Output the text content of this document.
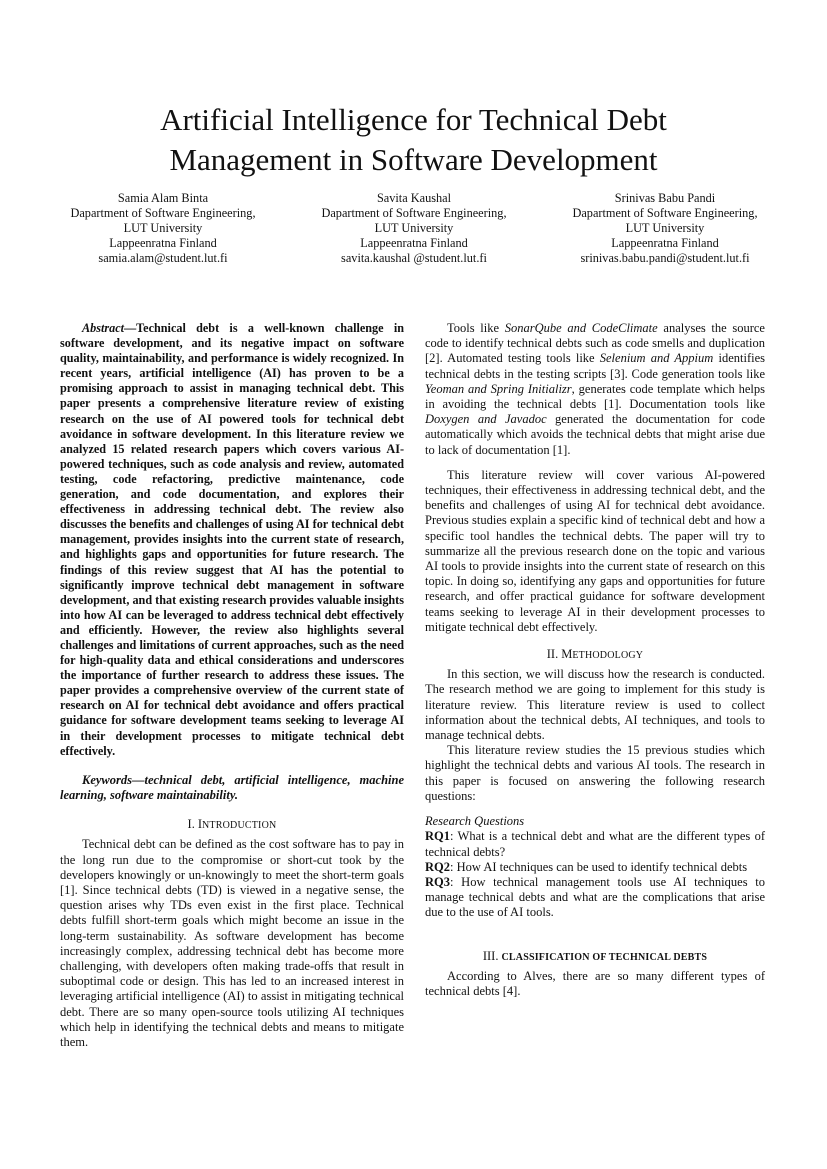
Artificial Intelligence for Technical Debt
Management in Software Development
Samia Alam Binta
Dapartment of Software Engineering,
LUT University
Lappeenratna Finland
samia.alam@student.lut.fi
Savita Kaushal
Dapartment of Software Engineering,
LUT University
Lappeenratna Finland
savita.kaushal @student.lut.fi
Srinivas Babu Pandi
Dapartment of Software Engineering,
LUT University
Lappeenratna Finland
srinivas.babu.pandi@student.lut.fi

Abstract—Technical debt is a well-known challenge in software development, and its negative impact on software quality, maintainability, and performance is widely recognized. In recent years, artificial intelligence (AI) has proven to be a promising approach to assist in managing technical debt. This paper presents a comprehensive literature review of existing research on the use of AI powered tools for technical debt avoidance in software development. In this literature review we analyzed 15 related research papers which covers various AI-powered techniques, such as code analysis and review, automated testing, code refactoring, predictive maintenance, code generation, and code documentation, and explores their effectiveness in addressing technical debt. The review also discusses the benefits and challenges of using AI for technical debt management, provides insights into the current state of research, and highlights gaps and opportunities for future research. The findings of this review suggest that AI has the potential to significantly improve technical debt management in software development, and that existing research provides valuable insights into how AI can be leveraged to address technical debt effectively and efficiently. However, the review also highlights several challenges and limitations of current approaches, such as the need for high-quality data and ethical considerations and underscores the importance of further research to address these issues. The paper provides a comprehensive overview of the current state of research on AI for technical debt avoidance and offers practical guidance for software development teams seeking to leverage AI in their development processes to mitigate technical debt effectively.

Keywords—technical debt, artificial intelligence, machine learning, software maintainability.

I. INTRODUCTION

Technical debt can be defined as the cost software has to pay in the long run due to the compromise or short-cut took by the developers knowingly or un-knowingly to meet the short-term goals [1]. Since technical debts (TD) is viewed in a negative sense, the question arises why TDs even exist in the first place. Technical debts fulfill short-term goals which might become an issue in the long-term sustainability. As software development has become increasingly complex, addressing technical debt has become more challenging, with developers often making trade-offs that result in suboptimal code or design. This has led to an increased interest in leveraging artificial intelligence (AI) to assist in mitigating technical debt. There are so many open-source tools utilizing AI techniques which help in identifying the technical debts and means to mitigate them.

Tools like SonarQube and CodeClimate analyses the source code to identify technical debts such as code smells and duplication [2]. Automated testing tools like Selenium and Appium identifies technical debts in the testing scripts [3]. Code generation tools like Yeoman and Spring Initializr, generates code template which helps in avoiding the technical debts [1]. Documentation tools like Doxygen and Javadoc generated the documentation for code automatically which avoids the technical debts that might arise due to lack of documentation [1].

This literature review will cover various AI-powered techniques, their effectiveness in addressing technical debt, and the benefits and challenges of using AI for technical debt avoidance. Previous studies explain a specific kind of technical debt and how a specific tool handles the technical debts. The paper will try to summarize all the previous research done on the topic and various AI tools to provide insights into the current state of research on this topic. In doing so, identifying any gaps and opportunities for future research, and offer practical guidance for software development teams seeking to leverage AI in their development processes to mitigate technical debt effectively.

II. METHODOLOGY

In this section, we will discuss how the research is conducted. The research method we are going to implement for this study is literature review. This literature review is used to collect information about the technical debts, AI techniques, and tools to manage technical debts.

This literature review studies the 15 previous studies which highlight the technical debts and various AI tools. The research in this paper is focused on answering the following research questions:

Research Questions

RQ1: What is a technical debt and what are the different types of technical debts?

RQ2: How AI techniques can be used to identify technical debts

RQ3: How technical management tools use AI techniques to manage technical debts and what are the complications that arise due to the use of AI tools.

III. CLASSIFICATION OF TECHNICAL DEBTS

According to Alves, there are so many different types of technical debts [4].
